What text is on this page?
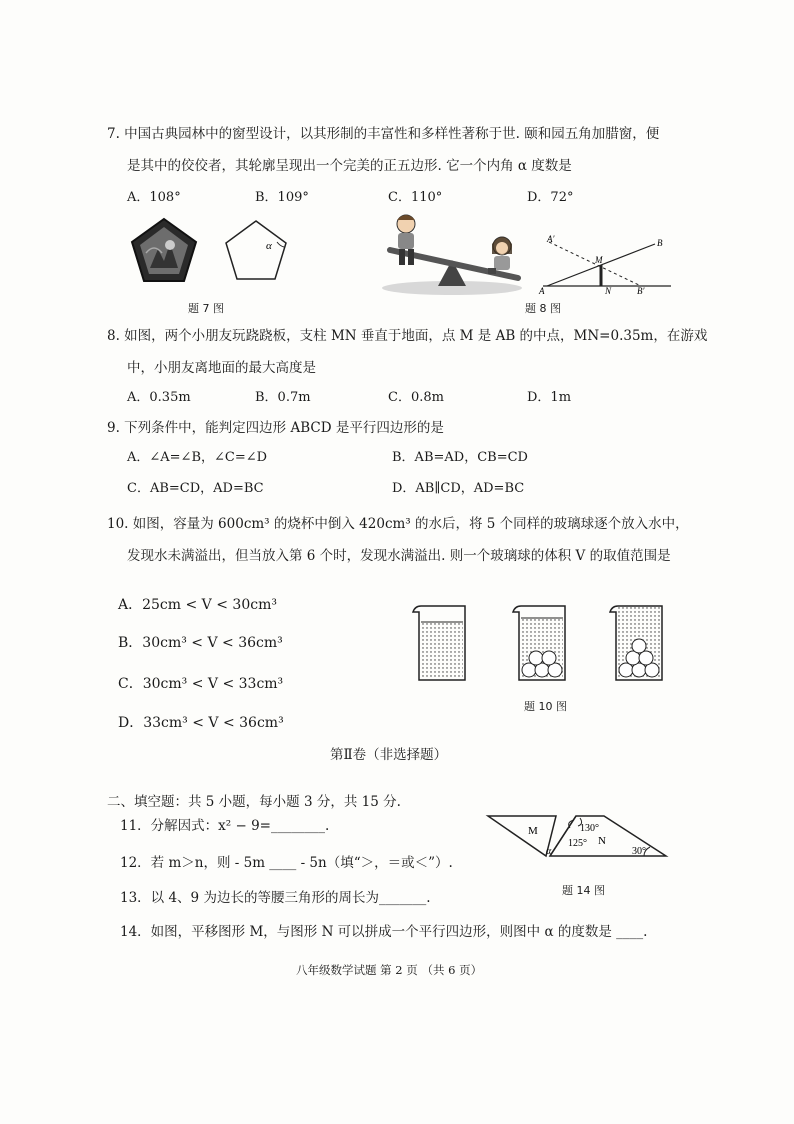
7. 中国古典园林中的窗型设计，以其形制的丰富性和多样性著称于世. 颐和园五角加腊窗，便
是其中的佼佼者，其轮廓呈现出一个完美的正五边形. 它一个内角 α 度数是
A．108°	B．109°	C．110°	D．72°
α
题 7 图
A′	B
M
A	N	B′
题 8 图
8. 如图，两个小朋友玩跷跷板，支柱 MN 垂直于地面，点 M 是 AB 的中点，MN=0.35m，在游戏
中，小朋友离地面的最大高度是
A．0.35m	B．0.7m	C．0.8m	D．1m
9. 下列条件中，能判定四边形 ABCD 是平行四边形的是
A．∠A=∠B，∠C=∠D	B．AB=AD，CB=CD
C．AB=CD，AD=BC	D．AB∥CD，AD=BC
10. 如图，容量为 600cm³ 的烧杯中倒入 420cm³ 的水后，将 5 个同样的玻璃球逐个放入水中，
发现水未满溢出，但当放入第 6 个时，发现水满溢出. 则一个玻璃球的体积 V 的取值范围是
A．25cm < V < 30cm³
B．30cm³ < V < 36cm³
C．30cm³ < V < 33cm³
D．33cm³ < V < 36cm³
题 10 图
第Ⅱ卷（非选择题）
二、填空题：共 5 小题，每小题 3 分，共 15 分.
11．分解因式：x² − 9=________.
12．若 m＞n，则 - 5m ____ - 5n（填“＞，＝或＜”）.
13．以 4、9 为边长的等腰三角形的周长为_______.
14．如图，平移图形 M，与图形 N 可以拼成一个平行四边形，则图中 α 的度数是 ____.
M
N
130°
125°
30°
α
题 14 图
八年级数学试题 第 2 页 （共 6 页）
